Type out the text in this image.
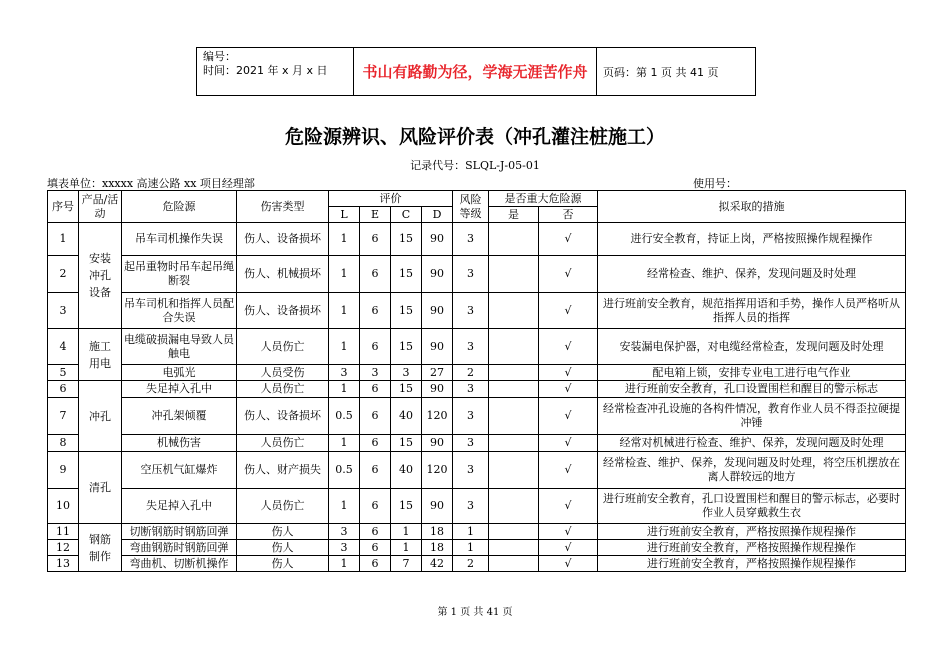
编号：
时间：2021 年 x 月 x 日	书山有路勤为径，学海无涯苦作舟	页码：第 1 页 共 41 页
危险源辨识、风险评价表（冲孔灌注桩施工）
记录代号：SLQL-J-05-01
填表单位：xxxxx 高速公路 xx 项目经理部	使用号：
序号	产品/活动	危险源	伤害类型	评价				风险等级	是否重大危险源		拟采取的措施
				L	E	C	D		是	否	
1	安装
冲孔
设备	吊车司机操作失误	伤人、设备损坏	1	6	15	90	3		√	进行安全教育，持证上岗，严格按照操作规程操作
2		起吊重物时吊车起吊绳断裂	伤人、机械损坏	1	6	15	90	3		√	经常检查、维护、保养，发现问题及时处理
3		吊车司机和指挥人员配合失误	伤人、设备损坏	1	6	15	90	3		√	进行班前安全教育，规范指挥用语和手势，操作人员严格听从指挥人员的指挥
4	施工
用电	电缆破损漏电导致人员触电	人员伤亡	1	6	15	90	3		√	安装漏电保护器，对电缆经常检查，发现问题及时处理
5		电弧光	人员受伤	3	3	3	27	2		√	配电箱上锁，安排专业电工进行电气作业
6	冲孔	失足掉入孔中	人员伤亡	1	6	15	90	3		√	进行班前安全教育，孔口设置围栏和醒目的警示标志
7		冲孔架倾覆	伤人、设备损坏	0.5	6	40	120	3		√	经常检查冲孔设施的各构件情况，教育作业人员不得歪拉硬提冲锤
8		机械伤害	人员伤亡	1	6	15	90	3		√	经常对机械进行检查、维护、保养，发现问题及时处理
9	清孔	空压机气缸爆炸	伤人、财产损失	0.5	6	40	120	3		√	经常检查、维护、保养，发现问题及时处理，将空压机摆放在离人群较远的地方
10		失足掉入孔中	人员伤亡	1	6	15	90	3		√	进行班前安全教育，孔口设置围栏和醒目的警示标志，必要时作业人员穿戴救生衣
11	钢筋
制作	切断钢筋时钢筋回弹	伤人	3	6	1	18	1		√	进行班前安全教育，严格按照操作规程操作
12		弯曲钢筋时钢筋回弹	伤人	3	6	1	18	1		√	进行班前安全教育，严格按照操作规程操作
13		弯曲机、切断机操作	伤人	1	6	7	42	2		√	进行班前安全教育，严格按照操作规程操作
第 1 页 共 41 页
